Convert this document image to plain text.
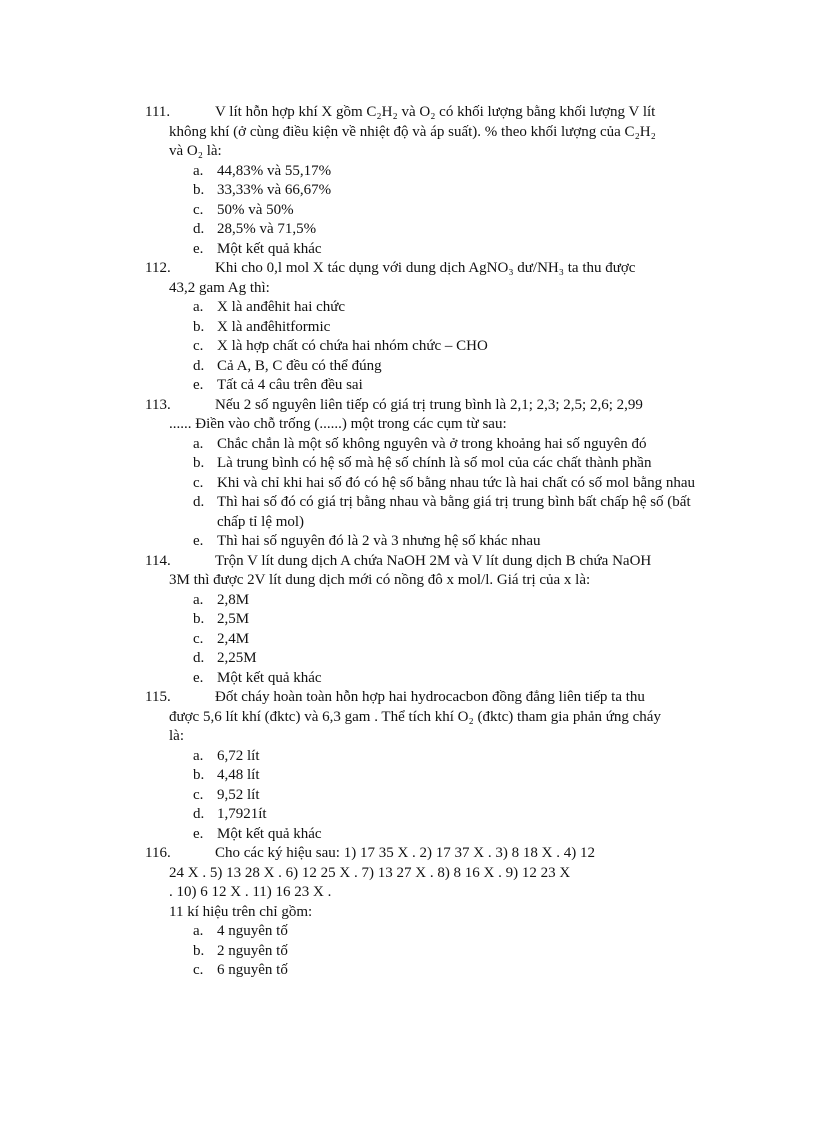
111.	V lít hỗn hợp khí X gồm C₂H₂ và O₂ có khối lượng bằng khối lượng V lít
không khí (ở cùng điều kiện về nhiệt độ và áp suất). % theo khối lượng của C₂H₂
và O₂ là:
a. 44,83% và 55,17%
b. 33,33% và 66,67%
c. 50% và 50%
d. 28,5% và 71,5%
e. Một kết quả khác
112.	Khi cho 0,l mol X tác dụng với dung dịch AgNO₃ dư/NH₃ ta thu được
43,2 gam Ag thì:
a. X là anđêhit hai chức
b. X là anđêhitformic
c. X là hợp chất có chứa hai nhóm chức – CHO
d. Cả A, B, C đều có thể đúng
e. Tất cả 4 câu trên đều sai
113.	Nếu 2 số nguyên liên tiếp có giá trị trung bình là 2,1; 2,3; 2,5; 2,6; 2,99
...... Điền vào chỗ trống (......) một trong các cụm từ sau:
a. Chắc chắn là một số không nguyên và ở trong khoảng hai số nguyên đó
b. Là trung bình có hệ số mà hệ số chính là số mol của các chất thành phần
c. Khi và chỉ khi hai số đó có hệ số bằng nhau tức là hai chất có số mol bằng nhau
d. Thì hai số đó có giá trị bằng nhau và bằng giá trị trung bình bất chấp hệ số (bất chấp tỉ lệ mol)
e. Thì hai số nguyên đó là 2 và 3 nhưng hệ số khác nhau
114.	Trộn V lít dung dịch A chứa NaOH 2M và V lít dung dịch B chứa NaOH
3M thì được 2V lít dung dịch mới có nồng đô x mol/l. Giá trị của x là:
a. 2,8M
b. 2,5M
c. 2,4M
d. 2,25M
e. Một kết quả khác
115.	Đốt cháy hoàn toàn hỗn hợp hai hydrocacbon đồng đẳng liên tiếp ta thu
được 5,6 lít khí (đktc) và 6,3 gam . Thể tích khí O₂ (đktc) tham gia phản ứng cháy
là:
a. 6,72 lít
b. 4,48 lít
c. 9,52 lít
d. 1,7921ít
e. Một kết quả khác
116.	Cho các ký hiệu sau: 1) 17 35 X . 2) 17 37 X . 3) 8 18 X . 4) 12
24 X . 5) 13 28 X . 6) 12 25 X . 7) 13 27 X . 8) 8 16 X . 9) 12 23 X
. 10) 6 12 X . 11) 16 23 X .
11 kí hiệu trên chỉ gồm:
a. 4 nguyên tố
b. 2 nguyên tố
c. 6 nguyên tố
